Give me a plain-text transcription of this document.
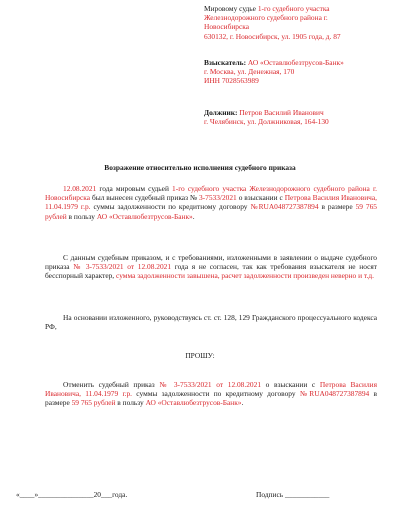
Мировому судье 1-го судебного участка
Железнодорожного судебного района г.
Новосибирска
630132, г. Новосибирск, ул. 1905 года, д. 87
Взыскатель: АО «Оставлюбезтрусов-Банк»
г. Москва, ул. Денежная, 170
ИНН 7028563989
Должник: Петров Василий Иванович
г. Челябинск, ул. Должниковая, 164-130
Возражение относительно исполнения судебного приказа
12.08.2021 года мировым судьей 1-го судебного участка Железнодорожного судебного района г. Новосибирска был вынесен судебный приказ № 3-7533/2021 о взыскании с Петрова Василия Ивановича, 11.04.1979 г.р. суммы задолженности по кредитному договору №RUA048727387894 в размере 59 765 рублей в пользу АО «Оставлюбезтрусов-Банк».
С данным судебным приказом, и с требованиями, изложенными в заявлении о выдаче судебного приказа № 3-7533/2021 от 12.08.2021 года я не согласен, так как требования взыскателя не носят бесспорный характер, сумма задолженности завышена, расчет задолженности произведен неверно и т.д.
На основании изложенного, руководствуясь ст. ст. 128, 129 Гражданского процессуального кодекса РФ,
ПРОШУ:
Отменить судебный приказ № 3-7533/2021 от 12.08.2021 о взыскании с Петрова Василия Ивановича, 11.04.1979 г.р. суммы задолженности по кредитному договору №RUA048727387894 в размере 59 765 рублей в пользу АО «Оставлюбезтрусов-Банк».
«____»_______________20___года.	Подпись ____________
